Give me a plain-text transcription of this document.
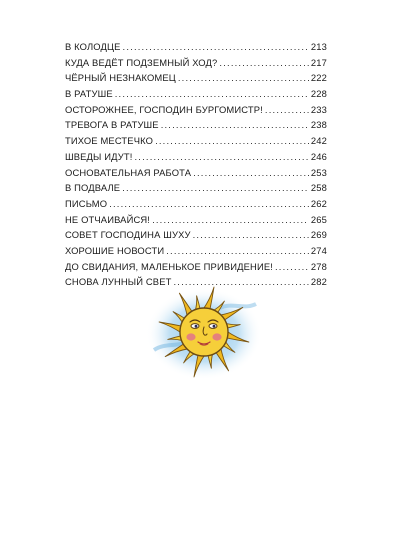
В КОЛОДЦЕ .....	213
КУДА ВЕДЁТ ПОДЗЕМНЫЙ ХОД? .....	217
ЧЁРНЫЙ НЕЗНАКОМЕЦ .....	222
В РАТУШЕ .....	228
ОСТОРОЖНЕЕ, ГОСПОДИН БУРГОМИСТР! .....	233
ТРЕВОГА В РАТУШЕ .....	238
ТИХОЕ МЕСТЕЧКО .....	242
ШВЕДЫ ИДУТ! .....	246
ОСНОВАТЕЛЬНАЯ РАБОТА .....	253
В ПОДВАЛЕ .....	258
ПИСЬМО .....	262
НЕ ОТЧАИВАЙСЯ! .....	265
СОВЕТ ГОСПОДИНА ШУХУ .....	269
ХОРОШИЕ НОВОСТИ .....	274
ДО СВИДАНИЯ, МАЛЕНЬКОЕ ПРИВИДЕНИЕ! .....	278
СНОВА ЛУННЫЙ СВЕТ .....	282
